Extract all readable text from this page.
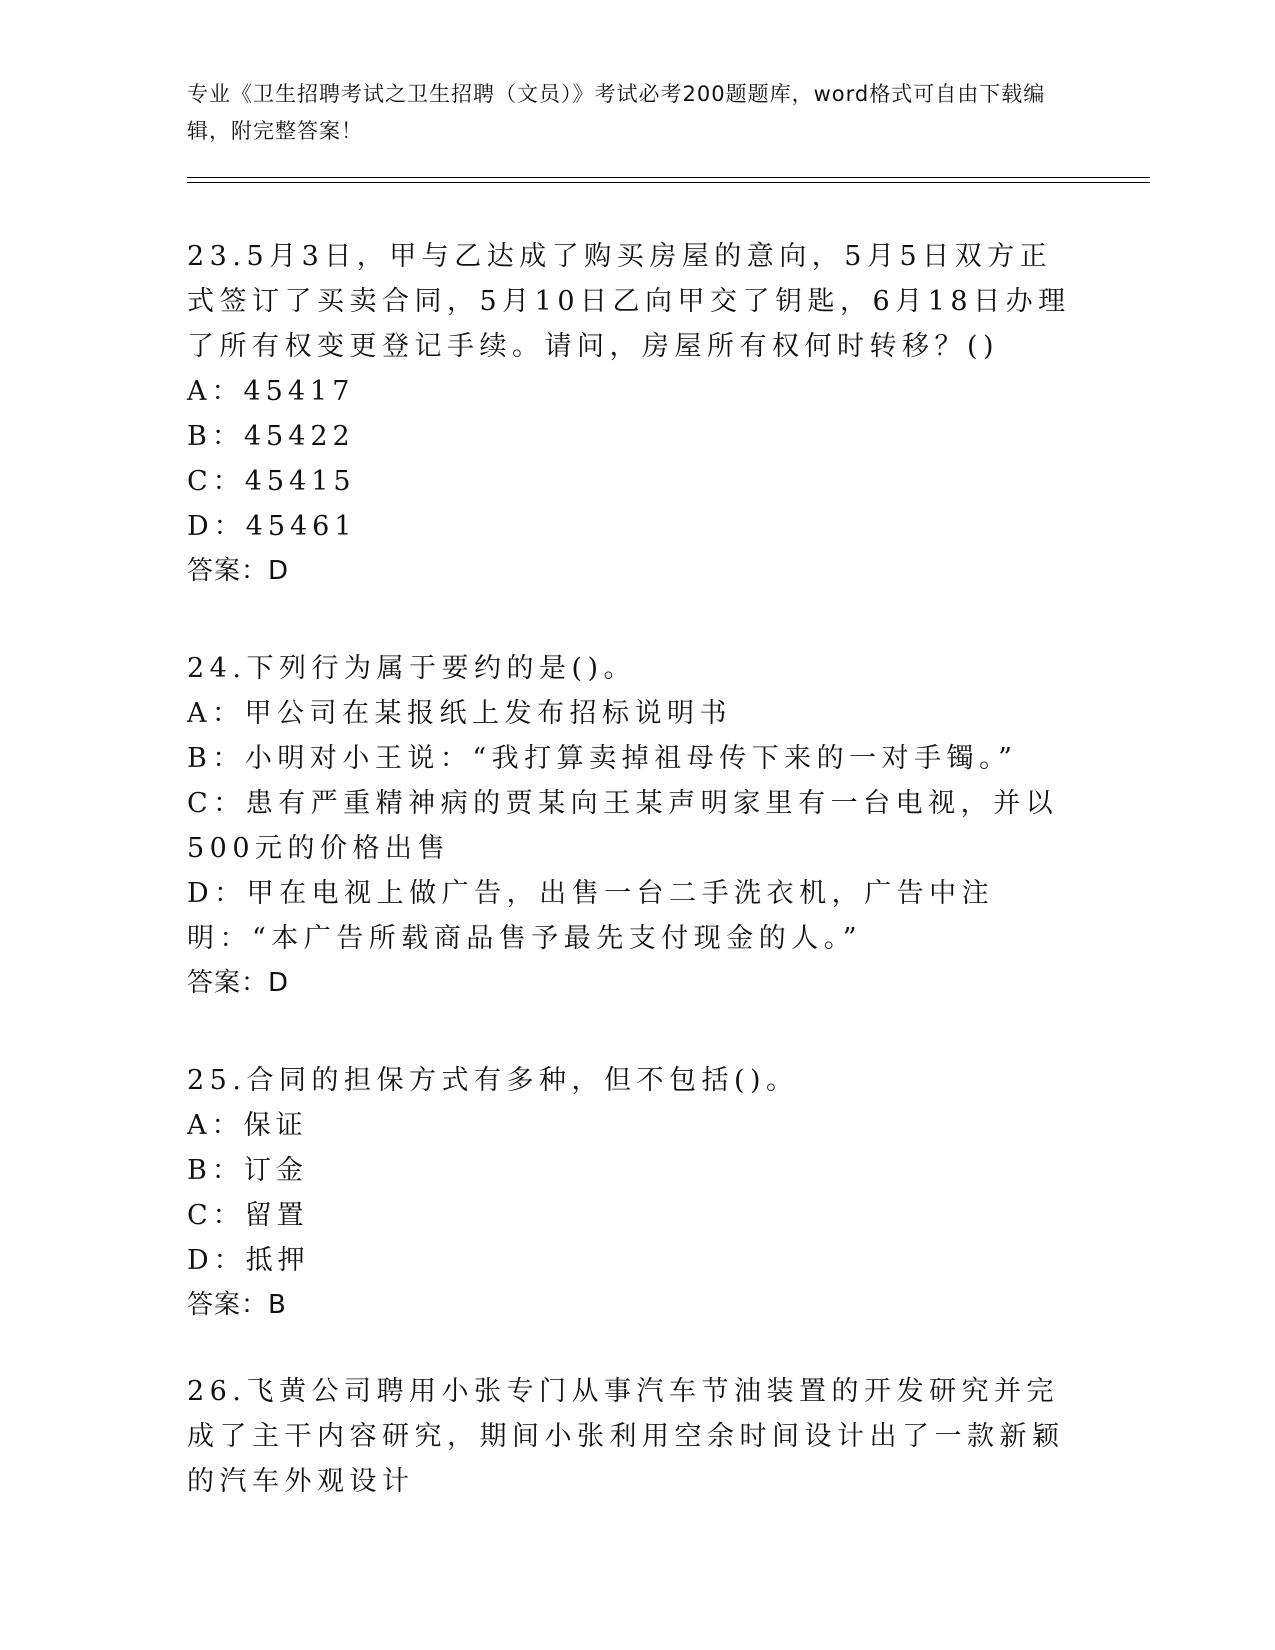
专业《卫生招聘考试之卫生招聘（文员）》考试必考200题题库，word格式可自由下载编辑，附完整答案！
23.5月3日，甲与乙达成了购买房屋的意向，5月5日双方正式签订了买卖合同，5月10日乙向甲交了钥匙，6月18日办理了所有权变更登记手续。请问，房屋所有权何时转移？()
A：45417
B：45422
C：45415
D：45461
答案：D
24.下列行为属于要约的是()。
A：甲公司在某报纸上发布招标说明书
B：小明对小王说：“我打算卖掉祖母传下来的一对手镯。”
C：患有严重精神病的贾某向王某声明家里有一台电视，并以500元的价格出售
D：甲在电视上做广告，出售一台二手洗衣机，广告中注明：“本广告所载商品售予最先支付现金的人。”
答案：D
25.合同的担保方式有多种，但不包括()。
A：保证
B：订金
C：留置
D：抵押
答案：B
26.飞黄公司聘用小张专门从事汽车节油装置的开发研究并完成了主干内容研究，期间小张利用空余时间设计出了一款新颖的汽车外观设计
